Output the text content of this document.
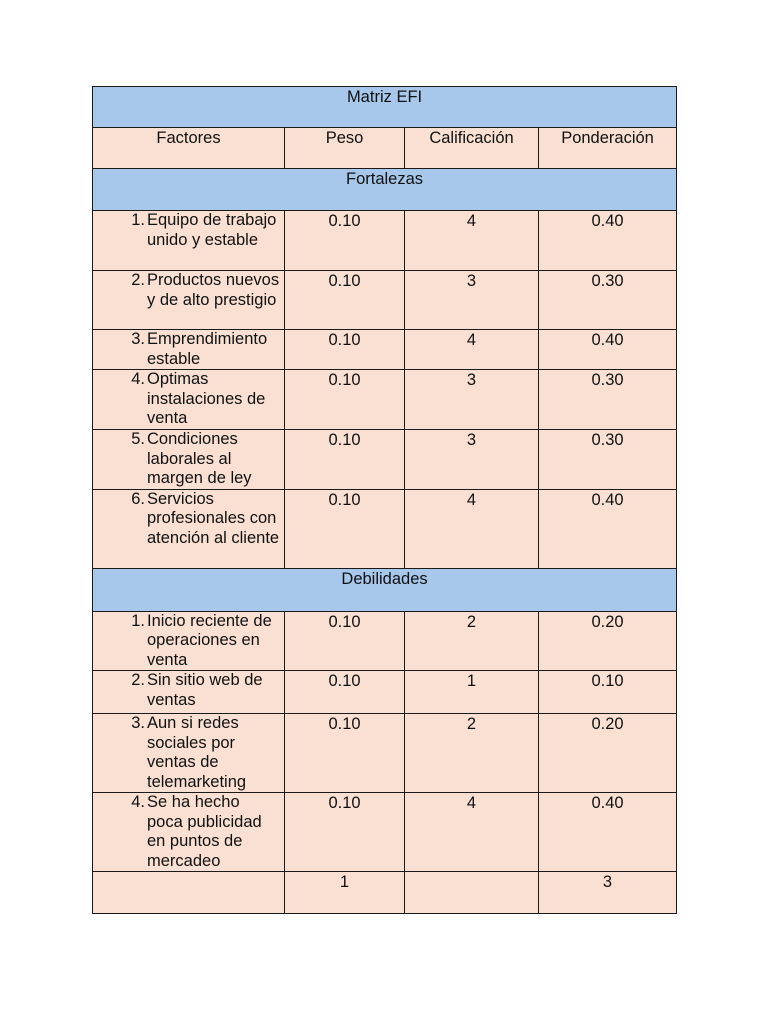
Matriz EFI			
Factores	Peso	Calificación	Ponderación
Fortalezas			

1. Equipo de trabajo unido y estable	0.10	4	0.40

2. Productos nuevos y de alto prestigio	0.10	3	0.30

3. Emprendimiento estable	0.10	4	0.40

4. Optimas instalaciones de venta	0.10	3	0.30

5. Condiciones laborales al margen de ley	0.10	3	0.30

6. Servicios profesionales con atención al cliente	0.10	4	0.40
Debilidades			

1. Inicio reciente de operaciones en venta	0.10	2	0.20

2. Sin sitio web de ventas	0.10	1	0.10

3. Aun si redes sociales por ventas de telemarketing	0.10	2	0.20

4. Se ha hecho poca publicidad en puntos de mercadeo	0.10	4	0.40
	1		3
